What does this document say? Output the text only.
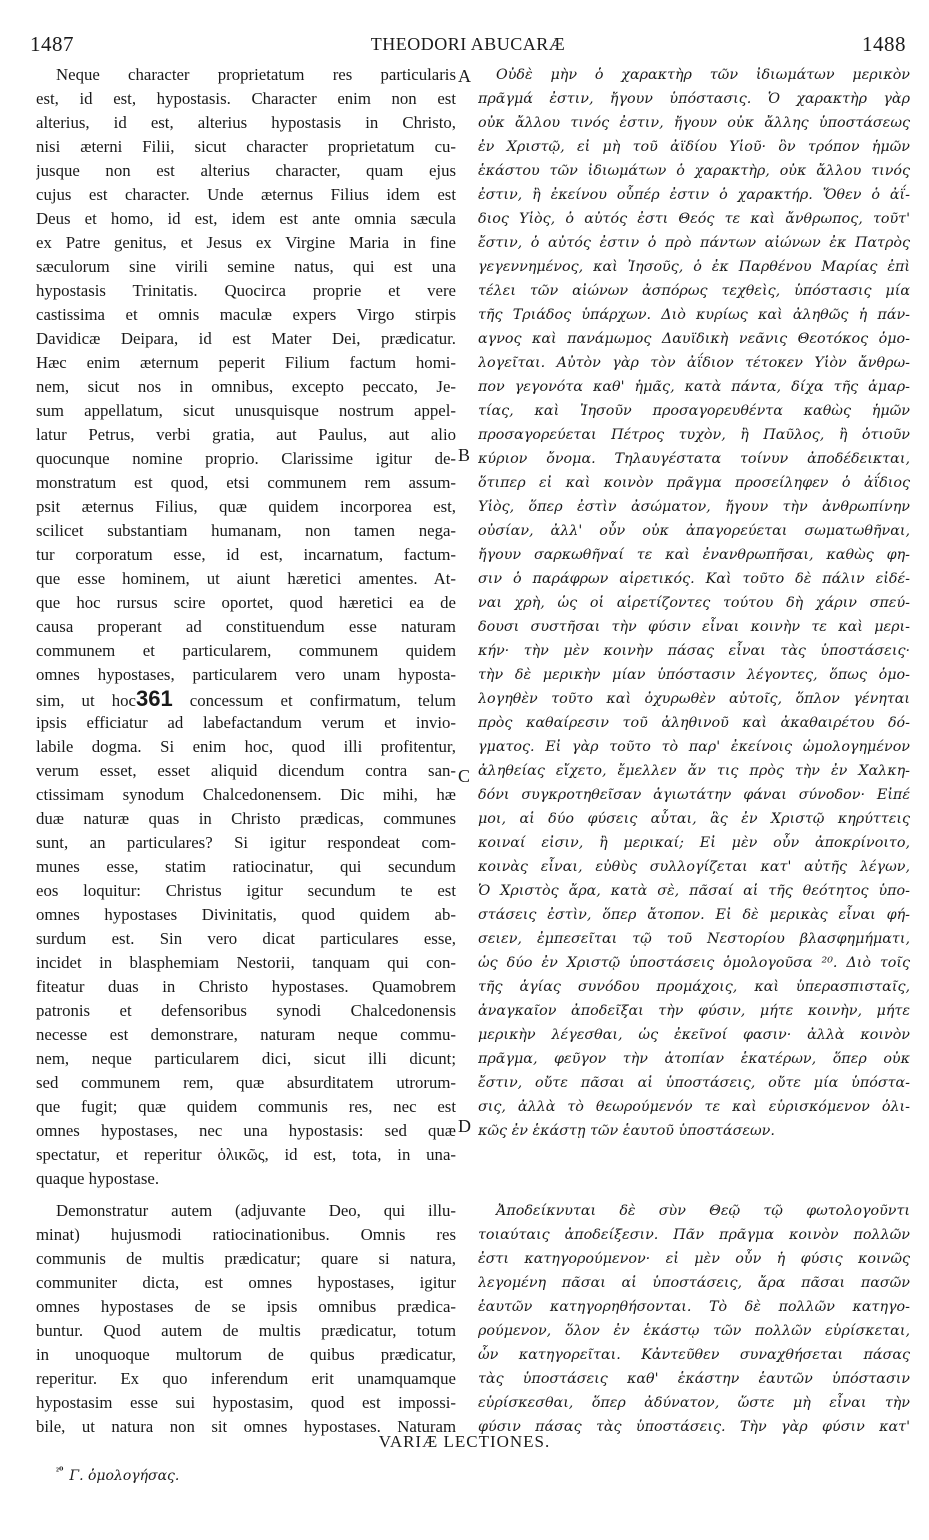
1487	THEODORI ABUCARÆ	1488
Neque character proprietatum res particularis
est, id est, hypostasis. Character enim non est
alterius, id est, alterius hypostasis in Christo,
nisi æterni Filii, sicut character proprietatum cu-
jusque non est alterius character, quam ejus
cujus est character. Unde æternus Filius idem est
Deus et homo, id est, idem est ante omnia sæcula
ex Patre genitus, et Jesus ex Virgine Maria in fine
sæculorum sine virili semine natus, qui est una
hypostasis Trinitatis. Quocirca proprie et vere
castissima et omnis maculæ expers Virgo stirpis
Davidicæ Deipara, id est Mater Dei, prædicatur.
Hæc enim æternum peperit Filium factum homi-
nem, sicut nos in omnibus, excepto peccato, Je-
sum appellatum, sicut unusquisque nostrum appel-
latur Petrus, verbi gratia, aut Paulus, aut alio
quocunque nomine proprio. Clarissime igitur de-
monstratum est quod, etsi communem rem assum-
psit æternus Filius, quæ quidem incorporea est,
scilicet substantiam humanam, non tamen nega-
tur corporatum esse, id est, incarnatum, factum-
que esse hominem, ut aiunt hæretici amentes. At-
que hoc rursus scire oportet, quod hæretici ea de
causa properant ad constituendum esse naturam
communem et particularem, communem quidem
omnes hypostases, particularem vero unam hyposta-
sim, ut hoc361 concessum et confirmatum, telum
ipsis efficiatur ad labefactandum verum et invio-
labile dogma. Si enim hoc, quod illi profitentur,
verum esset, esset aliquid dicendum contra san-
ctissimam synodum Chalcedonensem. Dic mihi, hæ
duæ naturæ quas in Christo prædicas, communes
sunt, an particulares? Si igitur respondeat com-
munes esse, statim ratiocinatur, qui secundum
eos loquitur: Christus igitur secundum te est
omnes hypostases Divinitatis, quod quidem ab-
surdum est. Sin vero dicat particulares esse,
incidet in blasphemiam Nestorii, tanquam qui con-
fiteatur duas in Christo hypostases. Quamobrem
patronis et defensoribus synodi Chalcedonensis
necesse est demonstrare, naturam neque commu-
nem, neque particularem dici, sicut illi dicunt;
sed communem rem, quæ absurditatem utrorum-
que fugit; quæ quidem communis res, nec est
omnes hypostases, nec una hypostasis: sed quæ
spectatur, et reperitur ὁλικῶς, id est, tota, in una-
quaque hypostase.
Demonstratur autem (adjuvante Deo, qui illu-
minat) hujusmodi ratiocinationibus. Omnis res
communis de multis prædicatur; quare si natura,
communiter dicta, est omnes hypostases, igitur
omnes hypostases de se ipsis omnibus prædica-
buntur. Quod autem de multis prædicatur, totum
in unoquoque multorum de quibus prædicatur,
reperitur. Ex quo inferendum erit unamquamque
hypostasim esse sui hypostasim, quod est impossi-
bile, ut natura non sit omnes hypostases. Naturam
Οὐδὲ μὴν ὁ χαρακτὴρ τῶν ἰδιωμάτων μερικὸν
πρᾶγμά ἐστιν, ἤγουν ὑπόστασις. Ὁ χαρακτὴρ γὰρ
οὐκ ἄλλου τινός ἐστιν, ἤγουν οὐκ ἄλλης ὑποστάσεως
ἐν Χριστῷ, εἰ μὴ τοῦ ἀϊδίου Υἱοῦ· ὃν τρόπον ἡμῶν
ἑκάστου τῶν ἰδιωμάτων ὁ χαρακτὴρ, οὐκ ἄλλου τινός
ἐστιν, ἢ ἐκείνου οὗπέρ ἐστιν ὁ χαρακτήρ. Ὅθεν ὁ ἀΐ-
διος Υἱὸς, ὁ αὐτός ἐστι Θεός τε καὶ ἄνθρωπος, τοῦτ'
ἔστιν, ὁ αὐτός ἐστιν ὁ πρὸ πάντων αἰώνων ἐκ Πατρὸς
γεγεννημένος, καὶ Ἰησοῦς, ὁ ἐκ Παρθένου Μαρίας ἐπὶ
τέλει τῶν αἰώνων ἀσπόρως τεχθεὶς, ὑπόστασις μία
τῆς Τριάδος ὑπάρχων. Διὸ κυρίως καὶ ἀληθῶς ἡ πάν-
αγνος καὶ πανάμωμος Δαυϊδικὴ νεᾶνις Θεοτόκος ὁμο-
λογεῖται. Αὐτὸν γὰρ τὸν ἀΐδιον τέτοκεν Υἱὸν ἄνθρω-
πον γεγονότα καθ' ἡμᾶς, κατὰ πάντα, δίχα τῆς ἁμαρ-
τίας, καὶ Ἰησοῦν προσαγορευθέντα καθὼς ἡμῶν
προσαγορεύεται Πέτρος τυχὸν, ἢ Παῦλος, ἢ ὁτιοῦν
κύριον ὄνομα. Τηλαυγέστατα τοίνυν ἀποδέδεικται,
ὅτιπερ εἰ καὶ κοινὸν πρᾶγμα προσείληφεν ὁ ἀΐδιος
Υἱὸς, ὅπερ ἐστὶν ἀσώματον, ἤγουν τὴν ἀνθρωπίνην
οὐσίαν, ἀλλ' οὖν οὐκ ἀπαγορεύεται σωματωθῆναι,
ἤγουν σαρκωθῆναί τε καὶ ἐνανθρωπῆσαι, καθὼς φη-
σιν ὁ παράφρων αἱρετικός. Καὶ τοῦτο δὲ πάλιν εἰδέ-
ναι χρὴ, ὡς οἱ αἱρετίζοντες τούτου δὴ χάριν σπεύ-
δουσι συστῆσαι τὴν φύσιν εἶναι κοινὴν τε καὶ μερι-
κήν· τὴν μὲν κοινὴν πάσας εἶναι τὰς ὑποστάσεις·
τὴν δὲ μερικὴν μίαν ὑπόστασιν λέγοντες, ὅπως ὁμο-
λογηθὲν τοῦτο καὶ ὀχυρωθὲν αὐτοῖς, ὅπλον γένηται
πρὸς καθαίρεσιν τοῦ ἀληθινοῦ καὶ ἀκαθαιρέτου δό-
γματος. Εἰ γὰρ τοῦτο τὸ παρ' ἐκείνοις ὡμολογημένον
ἀληθείας εἴχετο, ἔμελλεν ἄν τις πρὸς τὴν ἐν Χαλκη-
δόνι συγκροτηθεῖσαν ἁγιωτάτην φάναι σύνοδον· Εἰπέ
μοι, αἱ δύο φύσεις αὗται, ἃς ἐν Χριστῷ κηρύττεις
κοιναί εἰσιν, ἢ μερικαί; Εἰ μὲν οὖν ἀποκρίνοιτο,
κοινὰς εἶναι, εὐθὺς συλλογίζεται κατ' αὐτῆς λέγων,
Ὁ Χριστὸς ἄρα, κατὰ σὲ, πᾶσαί αἱ τῆς θεότητος ὑπο-
στάσεις ἐστὶν, ὅπερ ἄτοπον. Εἰ δὲ μερικὰς εἶναι φή-
σειεν, ἐμπεσεῖται τῷ τοῦ Νεστορίου βλασφημήματι,
ὡς δύο ἐν Χριστῷ ὑποστάσεις ὁμολογοῦσα ²⁰. Διὸ τοῖς
τῆς ἁγίας συνόδου προμάχοις, καὶ ὑπερασπισταῖς,
ἀναγκαῖον ἀποδεῖξαι τὴν φύσιν, μήτε κοινὴν, μήτε
μερικὴν λέγεσθαι, ὡς ἐκεῖνοί φασιν· ἀλλὰ κοινὸν
πρᾶγμα, φεῦγον τὴν ἀτοπίαν ἑκατέρων, ὅπερ οὐκ
ἔστιν, οὔτε πᾶσαι αἱ ὑποστάσεις, οὔτε μία ὑπόστα-
σις, ἀλλὰ τὸ θεωρούμενόν τε καὶ εὑρισκόμενον ὁλι-
κῶς ἐν ἑκάστῃ τῶν ἑαυτοῦ ὑποστάσεων.
Ἀποδείκνυται δὲ σὺν Θεῷ τῷ φωτολογοῦντι
τοιαύταις ἀποδείξεσιν. Πᾶν πρᾶγμα κοινὸν πολλῶν
ἐστι κατηγορούμενον· εἰ μὲν οὖν ἡ φύσις κοινῶς
λεγομένη πᾶσαι αἱ ὑποστάσεις, ἄρα πᾶσαι πασῶν
ἑαυτῶν κατηγορηθήσονται. Τὸ δὲ πολλῶν κατηγο-
ρούμενον, ὅλον ἐν ἑκάστῳ τῶν πολλῶν εὑρίσκεται,
ὧν κατηγορεῖται. Κἀντεῦθεν συναχθήσεται πάσας
τὰς ὑποστάσεις καθ' ἑκάστην ἑαυτῶν ὑπόστασιν
εὑρίσκεσθαι, ὅπερ ἀδύνατον, ὥστε μὴ εἶναι τὴν
φύσιν πάσας τὰς ὑποστάσεις. Τὴν γὰρ φύσιν κατ'
A
B
C
D
VARIÆ LECTIONES.
$^{^{20}}$ Γ. ὁμολογήσας.
